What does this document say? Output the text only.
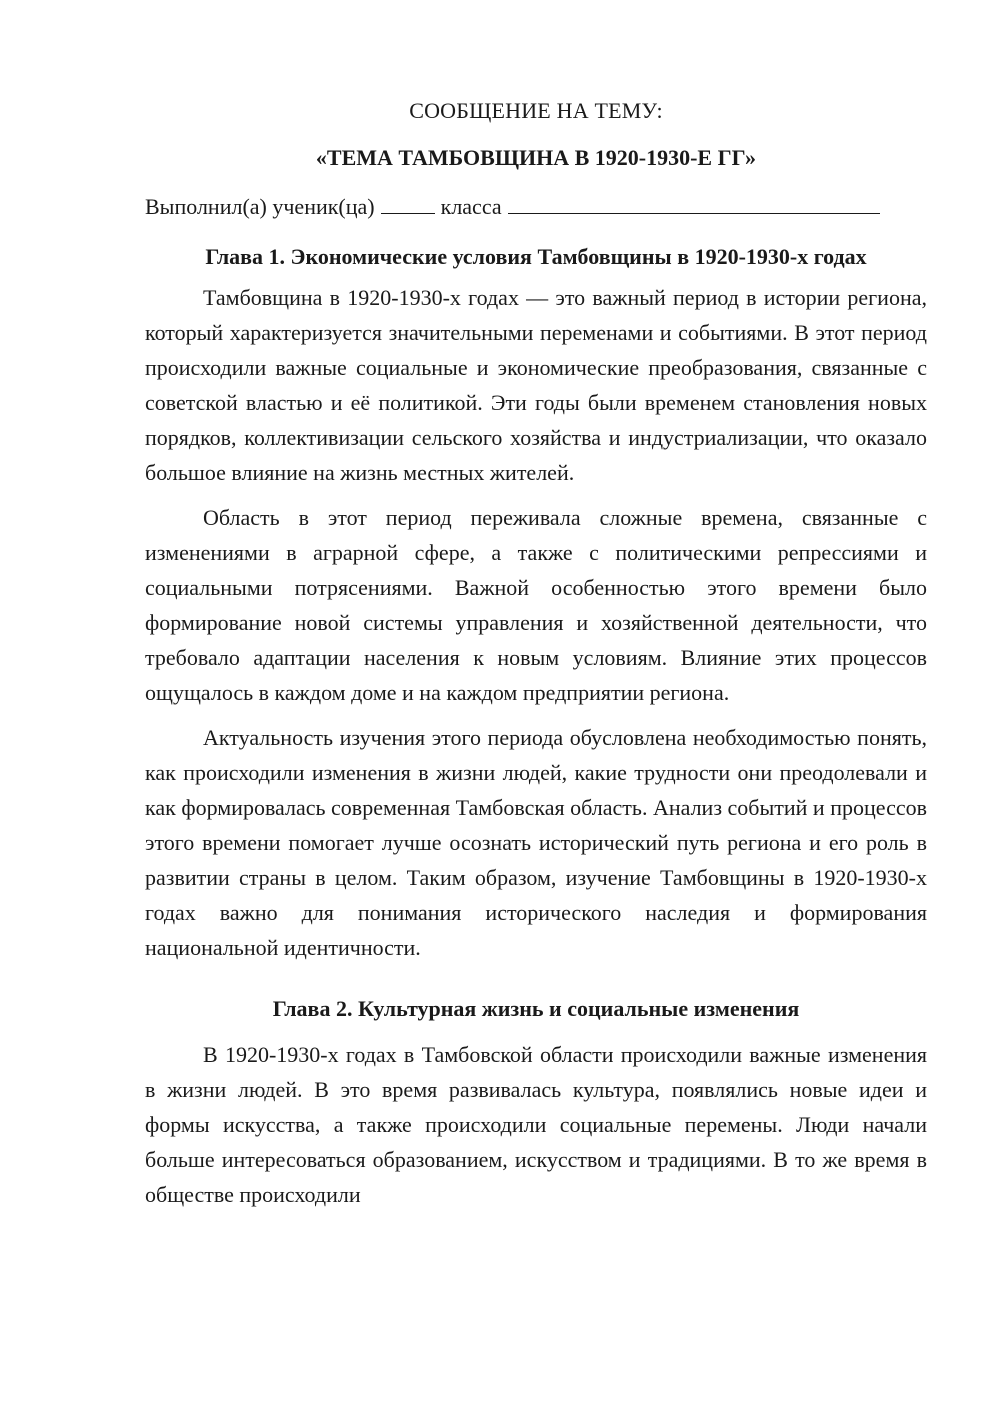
СООБЩЕНИЕ НА ТЕМУ:
«ТЕМА ТАМБОВЩИНА В 1920-1930-Е ГГ»
Выполнил(а) ученик(ца)	класса
Глава 1. Экономические условия Тамбовщины в 1920-1930-х годах

Тамбовщина в 1920-1930-х годах — это важный период в истории региона, который характеризуется значительными переменами и событиями. В этот период происходили важные социальные и экономические преобразования, связанные с советской властью и её политикой. Эти годы были временем становления новых порядков, коллективизации сельского хозяйства и индустриализации, что оказало большое влияние на жизнь местных жителей.

Область в этот период переживала сложные времена, связанные с изменениями в аграрной сфере, а также с политическими репрессиями и социальными потрясениями. Важной особенностью этого времени было формирование новой системы управления и хозяйственной деятельности, что требовало адаптации населения к новым условиям. Влияние этих процессов ощущалось в каждом доме и на каждом предприятии региона.

Актуальность изучения этого периода обусловлена необходимостью понять, как происходили изменения в жизни людей, какие трудности они преодолевали и как формировалась современная Тамбовская область. Анализ событий и процессов этого времени помогает лучше осознать исторический путь региона и его роль в развитии страны в целом. Таким образом, изучение Тамбовщины в 1920-1930-х годах важно для понимания исторического наследия и формирования национальной идентичности.

Глава 2. Культурная жизнь и социальные изменения

В 1920-1930-х годах в Тамбовской области происходили важные изменения в жизни людей. В это время развивалась культура, появлялись новые идеи и формы искусства, а также происходили социальные перемены. Люди начали больше интересоваться образованием, искусством и традициями. В то же время в обществе происходили
